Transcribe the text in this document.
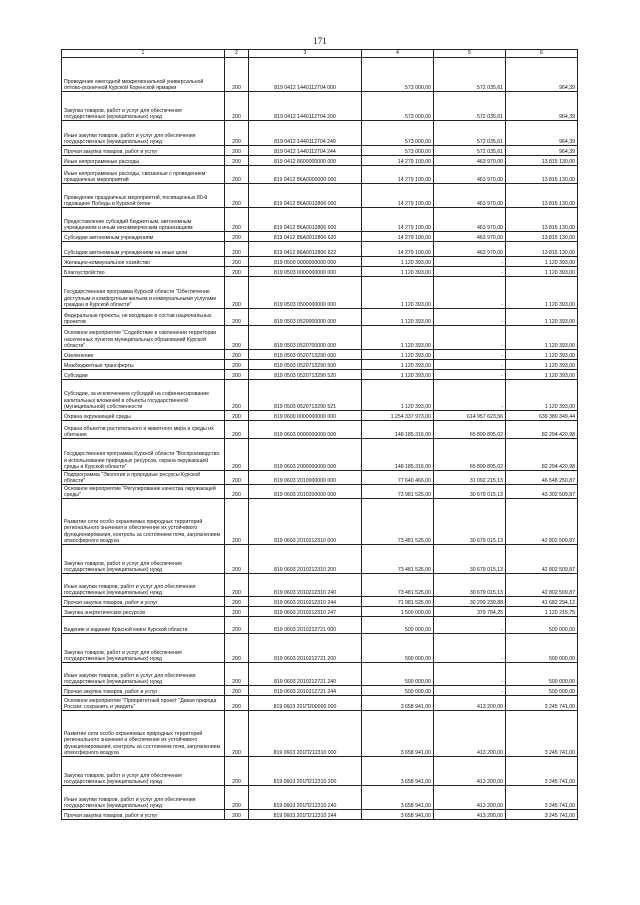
171
1	2	3	4	5	6
Проведение ежегодной межрегиональной универсальной оптово-розничной Курской Коренской ярмарки	200	819 0412 1440112704 000	573 000,00	572 035,61	964,39
Закупка товаров, работ и услуг для обеспечения государственных (муниципальных) нужд	200	819 0412 1440112704 200	573 000,00	572 035,61	964,39
Иные закупки товаров, работ и услуг для обеспечения государственных (муниципальных) нужд	200	819 0412 1440112704 240	573 000,00	572 035,61	964,39
Прочая закупка товаров, работ и услуг	200	819 0412 1440112704 244	573 000,00	572 035,61	964,39
Иные непрограммные расходы	200	819 0412 8600000000 000	14 279 100,00	463 970,00	13 815 130,00
Иные непрограммные расходы, связанные с проведением праздничных мероприятий	200	819 0412 86А0000000 000	14 279 100,00	463 970,00	13 815 130,00
Проведение праздничных мероприятий, посвященных 80-й годовщине Победы в Курской битве	200	819 0412 86А0012806 000	14 279 100,00	463 970,00	13 815 130,00
Предоставление субсидий бюджетным, автономным учреждениям и иным некоммерческим организациям	200	819 0412 86А0012806 600	14 279 100,00	463 970,00	13 815 130,00
Субсидии автономным учреждениям	200	819 0412 86А0012806 620	14 279 100,00	463 970,00	13 815 130,00
Субсидии автономным учреждениям на иные цели	200	819 0412 86А0012806 622	14 279 100,00	463 970,00	13 815 130,00
Жилищно-коммунальное хозяйство	200	819 0500 0000000000 000	1 120 393,00	-	1 120 393,00
Благоустройство	200	819 0503 0000000000 000	1 120 393,00	-	1 120 393,00
Государственная программа Курской области "Обеспечение доступным и комфортным жильем и коммунальными услугами граждан в Курской области"	200	819 0503 0500000000 000	1 120 393,00	-	1 120 393,00
Федеральные проекты, не входящие в состав национальных проектов	200	819 0503 0520000000 000	1 120 393,00	-	1 120 393,00
Основное мероприятие "Содействие в озеленении территории населенных пунктов муниципальных образований Курской области"	200	819 0503 0520700000 000	1 120 393,00	-	1 120 393,00
Озеленение	200	819 0503 0520713290 000	1 120 393,00	-	1 120 393,00
Межбюджетные трансферты	200	819 0503 0520713290 500	1 120 393,00	-	1 120 393,00
Субсидии	200	819 0503 0520713290 520	1 120 393,00	-	1 120 393,00
Субсидии, за исключением субсидий на софинансирование капитальных вложений в объекты государственной (муниципальной) собственности	200	819 0503 0520713290 521	1 120 393,00	-	1 120 393,00
Охрана окружающей среды	200	819 0600 0000000000 000	1 254 337 973,00	614 957 623,56	639 380 349,44
Охрана объектов растительного и животного мира и среды их обитания	200	819 0603 0000000000 000	148 185 316,00	65 890 895,02	82 294 420,98
Государственная программа Курской области "Воспроизводство и использование природных ресурсов, охрана окружающей среды в Курской области"	200	819 0603 2000000000 000	148 185 316,00	65 890 895,02	82 294 420,98
Подпрограмма "Экология и природные ресурсы Курской области"	200	819 0603 2010000000 000	77 640 466,00	31 092 215,13	46 548 250,87
Основное мероприятие "Регулирование качества окружающей среды"	200	819 0603 2010200000 000	73 981 525,00	30 679 015,13	43 302 509,87
Развитие сети особо охраняемых природных территорий регионального значения и обеспечение их устойчивого функционирования, контроль за состоянием почв, загрязнением атмосферного воздуха	200	819 0603 2010212310 000	73 481 525,00	30 679 015,13	42 802 509,87
Закупка товаров, работ и услуг для обеспечения государственных (муниципальных) нужд	200	819 0603 2010212310 200	73 481 525,00	30 679 015,13	42 802 509,87
Иные закупки товаров, работ и услуг для обеспечения государственных (муниципальных) нужд	200	819 0603 2010212310 240	73 481 525,00	30 679 015,13	42 802 509,87
Прочая закупка товаров, работ и услуг	200	819 0603 2010212310 244	71 981 525,00	30 299 230,88	41 682 294,12
Закупка энергетических ресурсов	200	819 0603 2010212310 247	1 500 000,00	379 784,25	1 120 215,75
Ведение и издание Красной книги Курской области	200	819 0603 2010212721 000	500 000,00	-	500 000,00
Закупка товаров, работ и услуг для обеспечения государственных (муниципальных) нужд	200	819 0603 2010212721 200	500 000,00	-	500 000,00
Иные закупки товаров, работ и услуг для обеспечения государственных (муниципальных) нужд	200	819 0603 2010212721 240	500 000,00	-	500 000,00
Прочая закупка товаров, работ и услуг	200	819 0603 2010212721 244	500 000,00	-	500 000,00
Основное мероприятие "Приоритетный проект "Дикая природа России: сохранить и увидеть"	200	819 0603 201П200000 000	3 658 941,00	413 200,00	3 245 741,00
Развитие сети особо охраняемых природных территорий регионального значения и обеспечение их устойчивого функционирования, контроль за состоянием почв, загрязнением атмосферного воздуха	200	819 0603 201П212310 000	3 658 941,00	413 200,00	3 245 741,00
Закупка товаров, работ и услуг для обеспечения государственных (муниципальных) нужд	200	819 0603 201П212310 200	3 658 941,00	413 200,00	3 245 741,00
Иные закупки товаров, работ и услуг для обеспечения государственных (муниципальных) нужд	200	819 0603 201П212310 240	3 658 941,00	413 200,00	3 245 741,00
Прочая закупка товаров, работ и услуг	200	819 0603 201П212310 244	3 658 941,00	413 200,00	3 245 741,00
